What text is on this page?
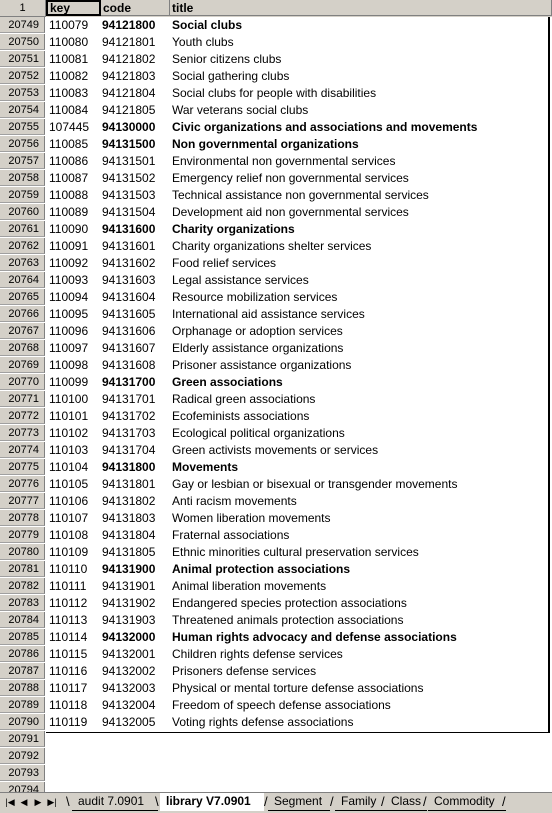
1	key	code	title
20749 110079	94121800	Social clubs
20750 110080	94121801	Youth clubs
20751 110081	94121802	Senior citizens clubs
20752 110082	94121803	Social gathering clubs
20753 110083	94121804	Social clubs for people with disabilities
20754 110084	94121805	War veterans social clubs
20755 107445	94130000	Civic organizations and associations and movements
20756 110085	94131500	Non governmental organizations
20757 110086	94131501	Environmental non governmental services
20758 110087	94131502	Emergency relief non governmental services
20759 110088	94131503	Technical assistance non governmental services
20760 110089	94131504	Development aid non governmental services
20761 110090	94131600	Charity organizations
20762 110091	94131601	Charity organizations shelter services
20763 110092	94131602	Food relief services
20764 110093	94131603	Legal assistance services
20765 110094	94131604	Resource mobilization services
20766 110095	94131605	International aid assistance services
20767 110096	94131606	Orphanage or adoption services
20768 110097	94131607	Elderly assistance organizations
20769 110098	94131608	Prisoner assistance organizations
20770 110099	94131700	Green associations
20771 110100	94131701	Radical green associations
20772 110101	94131702	Ecofeminists associations
20773 110102	94131703	Ecological political organizations
20774 110103	94131704	Green activists movements or services
20775 110104	94131800	Movements
20776 110105	94131801	Gay or lesbian or bisexual or transgender movements
20777 110106	94131802	Anti racism movements
20778 110107	94131803	Women liberation movements
20779 110108	94131804	Fraternal associations
20780 110109	94131805	Ethnic minorities cultural preservation services
20781 110110	94131900	Animal protection associations
20782 110111	94131901	Animal liberation movements
20783 110112	94131902	Endangered species protection associations
20784 110113	94131903	Threatened animals protection associations
20785 110114	94132000	Human rights advocacy and defense associations
20786 110115	94132001	Children rights defense services
20787 110116	94132002	Prisoners defense services
20788 110117	94132003	Physical or mental torture defense associations
20789 110118	94132004	Freedom of speech defense associations
20790 110119	94132005	Voting rights defense associations
20791
20792
20793
20794
|◀ ◀ ▶ ▶| \ audit 7.0901 \ library V7.0901	/ Segment / Family / Class / Commodity /
